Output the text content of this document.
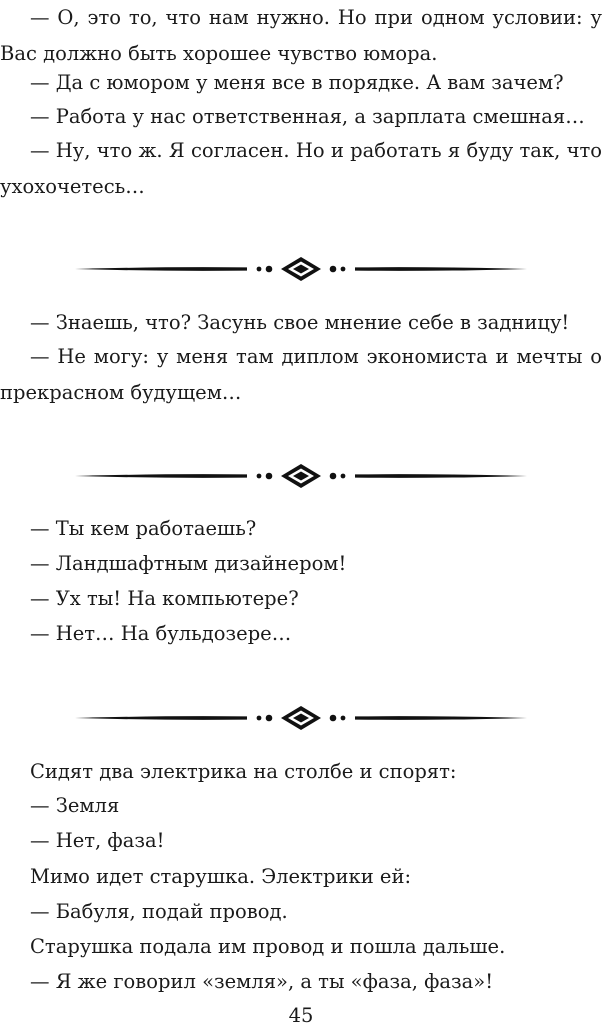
— О, это то, что нам нужно. Но при одном условии: у Вас должно быть хорошее чувство юмора.

— Да с юмором у меня все в порядке. А вам зачем?

— Работа у нас ответственная, а зарплата смешная…

— Ну, что ж. Я согласен. Но и работать я буду так, что ухохочетесь…

— Знаешь, что? Засунь свое мнение себе в задницу!

— Не могу: у меня там диплом экономиста и мечты о прекрасном будущем…

— Ты кем работаешь?

— Ландшафтным дизайнером!

— Ух ты! На компьютере?

— Нет… На бульдозере…

Сидят два электрика на столбе и спорят:

— Земля

— Нет, фаза!

Мимо идет старушка. Электрики ей:

— Бабуля, подай провод.

Старушка подала им провод и пошла дальше.

— Я же говорил «земля», а ты «фаза, фаза»!

45
